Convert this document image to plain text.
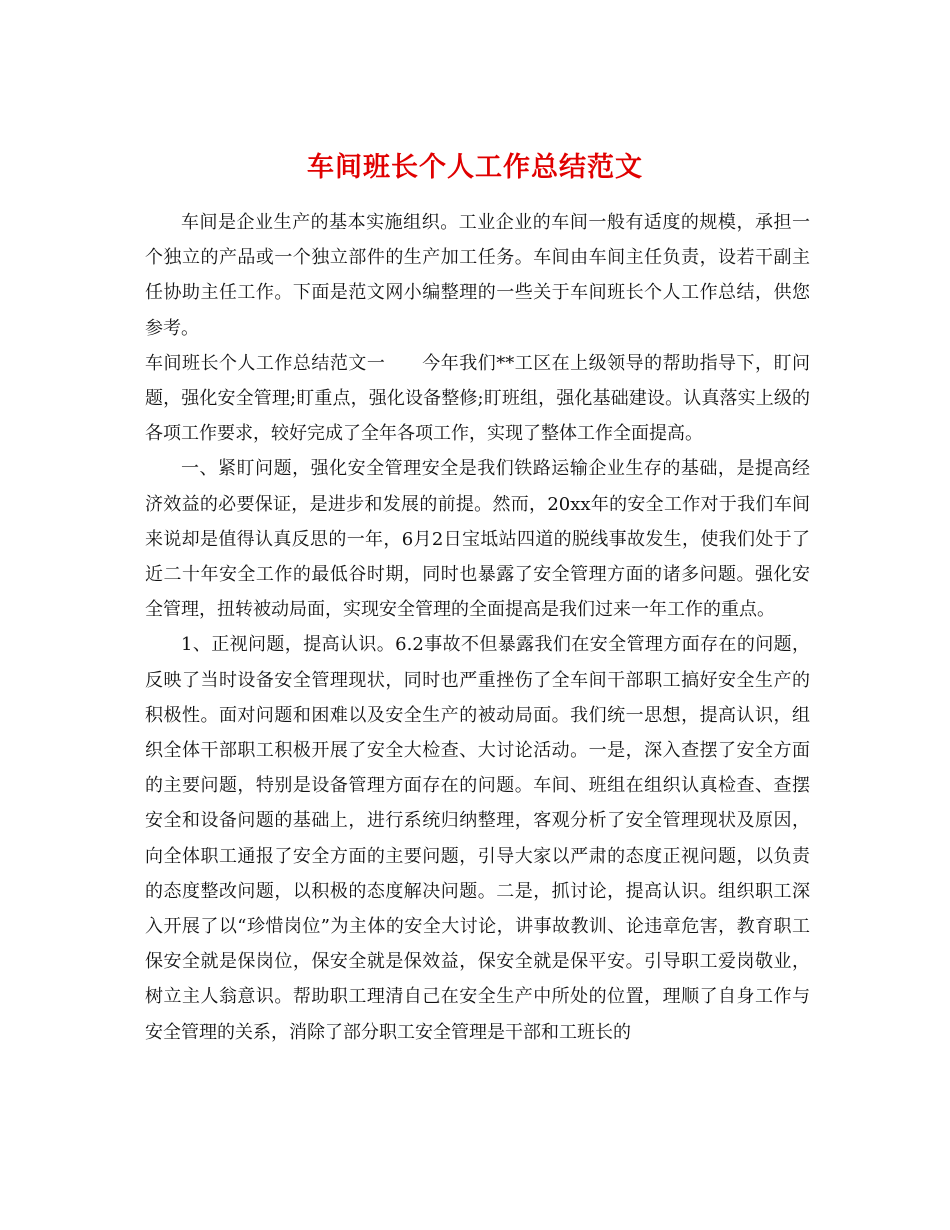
车间班长个人工作总结范文

车间是企业生产的基本实施组织。工业企业的车间一般有适度的规模，承担一个独立的产品或一个独立部件的生产加工任务。车间由车间主任负责，设若干副主任协助主任工作。下面是范文网小编整理的一些关于车间班长个人工作总结，供您参考。

车间班长个人工作总结范文一　　今年我们**工区在上级领导的帮助指导下，盯问题，强化安全管理;盯重点，强化设备整修;盯班组，强化基础建设。认真落实上级的各项工作要求，较好完成了全年各项工作，实现了整体工作全面提高。

一、紧盯问题，强化安全管理安全是我们铁路运输企业生存的基础，是提高经济效益的必要保证，是进步和发展的前提。然而，20xx年的安全工作对于我们车间来说却是值得认真反思的一年，6月2日宝坻站四道的脱线事故发生，使我们处于了近二十年安全工作的最低谷时期，同时也暴露了安全管理方面的诸多问题。强化安全管理，扭转被动局面，实现安全管理的全面提高是我们过来一年工作的重点。

1、正视问题，提高认识。6.2事故不但暴露我们在安全管理方面存在的问题，反映了当时设备安全管理现状，同时也严重挫伤了全车间干部职工搞好安全生产的积极性。面对问题和困难以及安全生产的被动局面。我们统一思想，提高认识，组织全体干部职工积极开展了安全大检查、大讨论活动。一是，深入查摆了安全方面的主要问题，特别是设备管理方面存在的问题。车间、班组在组织认真检查、查摆安全和设备问题的基础上，进行系统归纳整理，客观分析了安全管理现状及原因，向全体职工通报了安全方面的主要问题，引导大家以严肃的态度正视问题，以负责的态度整改问题，以积极的态度解决问题。二是，抓讨论，提高认识。组织职工深入开展了以“珍惜岗位”为主体的安全大讨论，讲事故教训、论违章危害，教育职工保安全就是保岗位，保安全就是保效益，保安全就是保平安。引导职工爱岗敬业，树立主人翁意识。帮助职工理清自己在安全生产中所处的位置，理顺了自身工作与安全管理的关系，消除了部分职工安全管理是干部和工班长的
